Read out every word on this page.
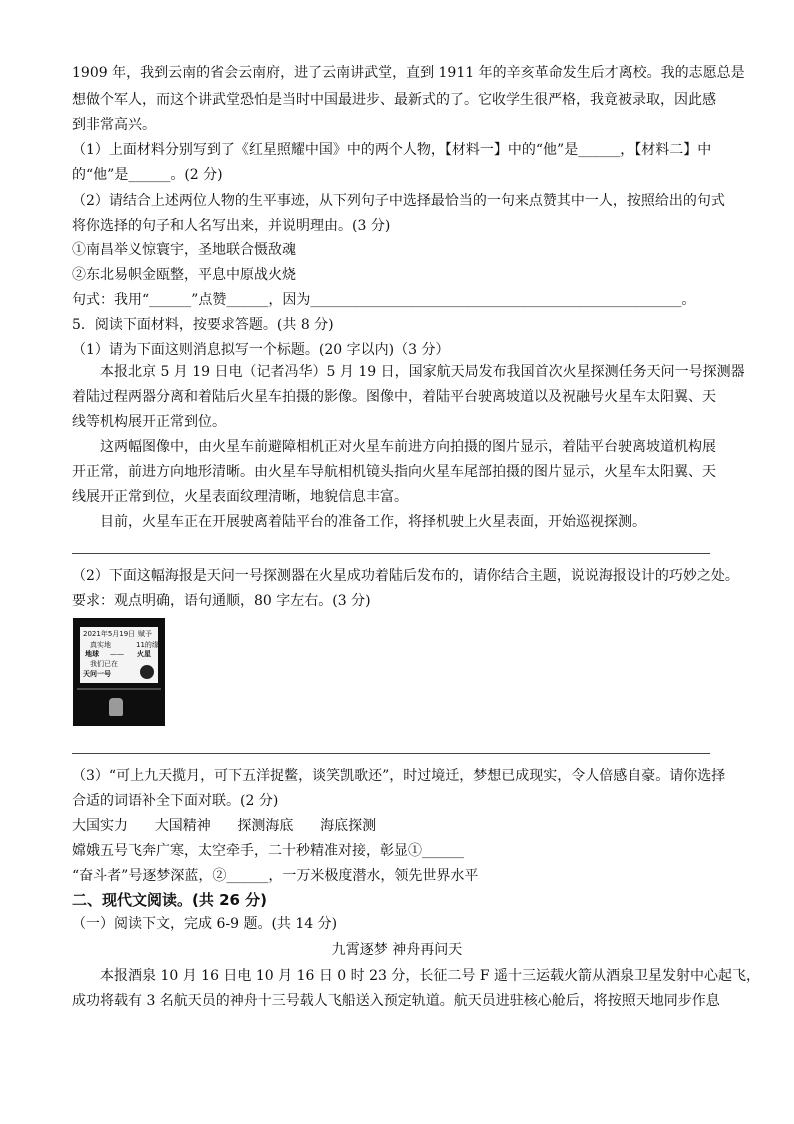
1909 年，我到云南的省会云南府，进了云南讲武堂，直到 1911 年的辛亥革命发生后才离校。我的志愿总是
想做个军人，而这个讲武堂恐怕是当时中国最进步、最新式的了。它收学生很严格，我竟被录取，因此感
到非常高兴。
（1）上面材料分别写到了《红星照耀中国》中的两个人物，【材料一】中的“他”是______，【材料二】中
的“他”是______。(2 分)
（2）请结合上述两位人物的生平事迹，从下列句子中选择最恰当的一句来点赞其中一人，按照给出的句式
将你选择的句子和人名写出来，并说明理由。(3 分)
①南昌举义惊寰宇，圣地联合慑敌魂
②东北易帜金瓯整，平息中原战火烧
句式：我用“______”点赞______，因为_____________________________________________________。
5．阅读下面材料，按要求答题。(共 8 分)
（1）请为下面这则消息拟写一个标题。(20 字以内)（3 分）
本报北京 5 月 19 日电（记者冯华）5 月 19 日，国家航天局发布我国首次火星探测任务天问一号探测器
着陆过程两器分离和着陆后火星车拍摄的影像。图像中，着陆平台驶离坡道以及祝融号火星车太阳翼、天
线等机构展开正常到位。
这两幅图像中，由火星车前避障相机正对火星车前进方向拍摄的图片显示，着陆平台驶离坡道机构展
开正常，前进方向地形清晰。由火星车导航相机镜头指向火星车尾部拍摄的图片显示，火星车太阳翼、天
线展开正常到位，火星表面纹理清晰，地貌信息丰富。
目前，火星车正在开展驶离着陆平台的准备工作，将择机驶上火星表面，开始巡视探测。
（2）下面这幅海报是天问一号探测器在火星成功着陆后发布的，请你结合主题，说说海报设计的巧妙之处。
要求：观点明确，语句通顺，80 字左右。(3 分)
2021年5月19日 赋予
真实地	11的缘
地球 —— 火星
我们已在
天问一号
（3）“可上九天揽月，可下五洋捉鳖，谈笑凯歌还”，时过境迁，梦想已成现实，令人倍感自豪。请你选择
合适的词语补全下面对联。(2 分)
大国实力      大国精神      探测海底      海底探测
嫦娥五号飞奔广寒，太空牵手，二十秒精准对接，彰显①______
“奋斗者”号逐梦深蓝，②______，一万米极度潜水，领先世界水平
二、现代文阅读。(共 26 分)
（一）阅读下文，完成 6-9 题。(共 14 分)
九霄逐梦 神舟再问天
本报酒泉 10 月 16 日电 10 月 16 日 0 时 23 分，长征二号 F 遥十三运载火箭从酒泉卫星发射中心起飞，
成功将载有 3 名航天员的神舟十三号载人飞船送入预定轨道。航天员进驻核心舱后，将按照天地同步作息
